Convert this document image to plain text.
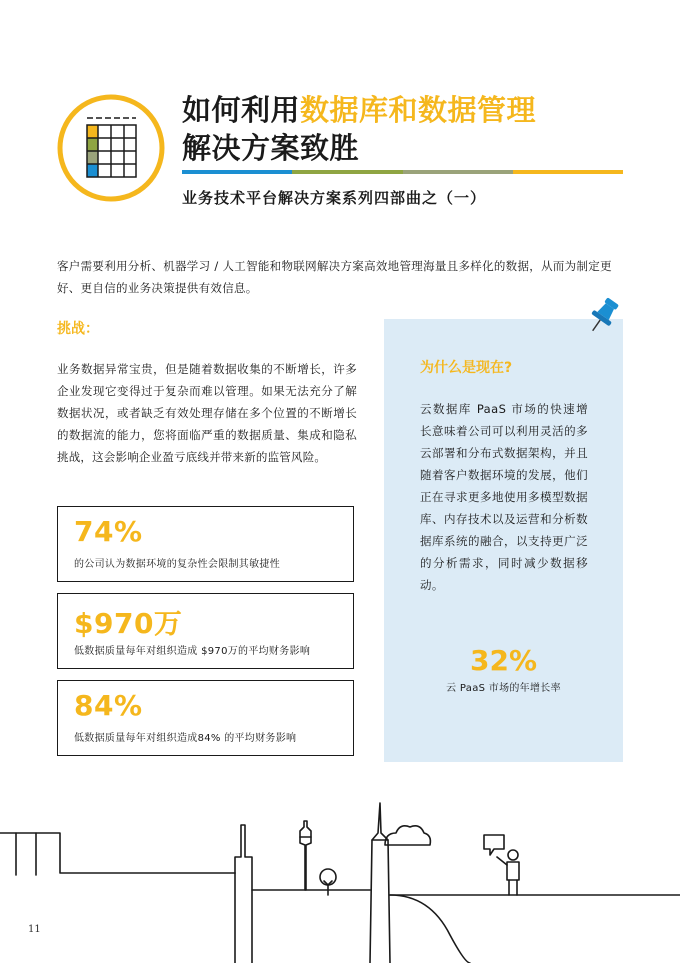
如何利用数据库和数据管理
解决方案致胜
业务技术平台解决方案系列四部曲之（一）
客户需要利用分析、机器学习 / 人工智能和物联网解决方案高效地管理海量且多样化的数据，从而为制定更好、更自信的业务决策提供有效信息。
挑战：
业务数据异常宝贵，但是随着数据收集的不断增长，许多企业发现它变得过于复杂而难以管理。如果无法充分了解数据状况，或者缺乏有效处理存储在多个位置的不断增长的数据流的能力，您将面临严重的数据质量、集成和隐私挑战，这会影响企业盈亏底线并带来新的监管风险。
74%
的公司认为数据环境的复杂性会限制其敏捷性
$970万
低数据质量每年对组织造成 $970万的平均财务影响
84%
低数据质量每年对组织造成84% 的平均财务影响
为什么是现在?
云数据库 PaaS 市场的快速增长意味着公司可以利用灵活的多云部署和分布式数据架构，并且随着客户数据环境的发展，他们正在寻求更多地使用多模型数据库、内存技术以及运营和分析数据库系统的融合，以支持更广泛的分析需求，同时减少数据移动。
32%
云 PaaS 市场的年增长率
11
